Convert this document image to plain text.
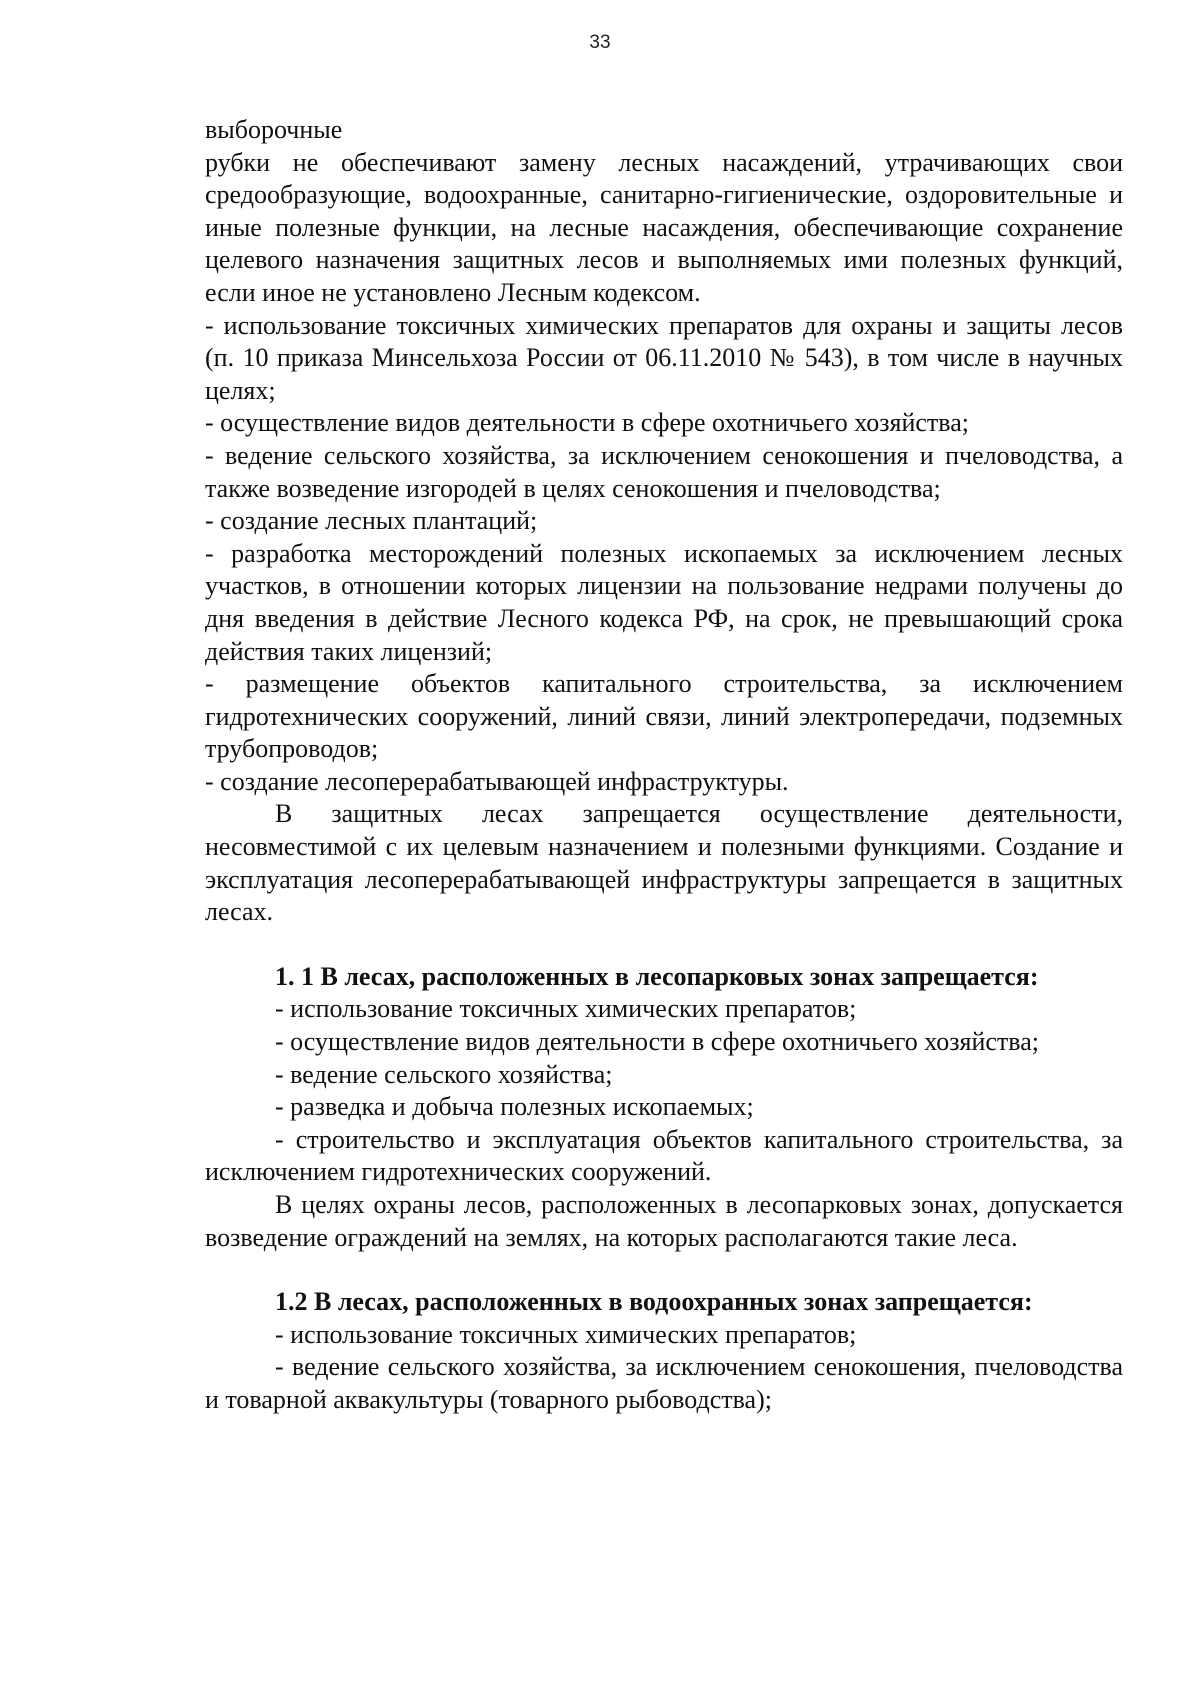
33

выборочные

рубки не обеспечивают замену лесных насаждений, утрачивающих свои средообразующие, водоохранные, санитарно-гигиенические, оздоровительные и иные полезные функции, на лесные насаждения, обеспечивающие сохранение целевого назначения защитных лесов и выполняемых ими полезных функций, если иное не установлено Лесным кодексом.

- использование токсичных химических препаратов для охраны и защиты лесов (п. 10 приказа Минсельхоза России от 06.11.2010 № 543), в том числе в научных целях;

- осуществление видов деятельности в сфере охотничьего хозяйства;

- ведение сельского хозяйства, за исключением сенокошения и пчеловодства, а также возведение изгородей в целях сенокошения и пчеловодства;

- создание лесных плантаций;

- разработка месторождений полезных ископаемых за исключением лесных участков, в отношении которых лицензии на пользование недрами получены до дня введения в действие Лесного кодекса РФ, на срок, не превышающий срока действия таких лицензий;

- размещение объектов капитального строительства, за исключением гидротехнических сооружений, линий связи, линий электропередачи, подземных трубопроводов;

- создание лесоперерабатывающей инфраструктуры.

В защитных лесах запрещается осуществление деятельности, несовместимой с их целевым назначением и полезными функциями. Создание и эксплуатация лесоперерабатывающей инфраструктуры запрещается в защитных лесах.

1. 1 В лесах, расположенных в лесопарковых зонах запрещается:

- использование токсичных химических препаратов;

- осуществление видов деятельности в сфере охотничьего хозяйства;

- ведение сельского хозяйства;

- разведка и добыча полезных ископаемых;

- строительство и эксплуатация объектов капитального строительства, за исключением гидротехнических сооружений.

В целях охраны лесов, расположенных в лесопарковых зонах, допускается возведение ограждений на землях, на которых располагаются такие леса.

1.2 В лесах, расположенных в водоохранных зонах запрещается:

- использование токсичных химических препаратов;

- ведение сельского хозяйства, за исключением сенокошения, пчеловодства и товарной аквакультуры (товарного рыбоводства);
